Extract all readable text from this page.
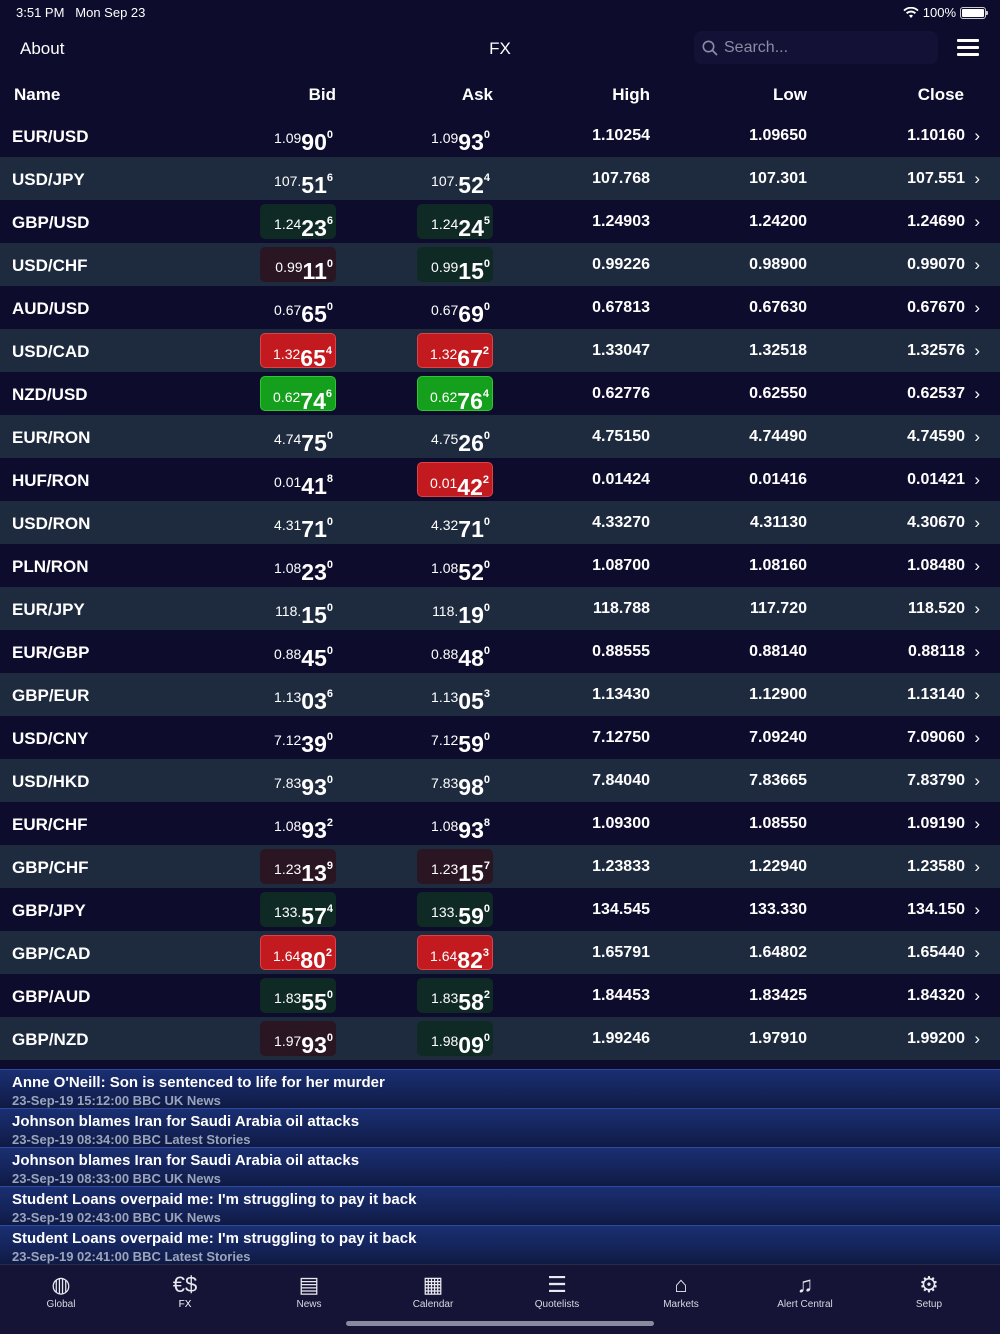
3:51 PM Mon Sep 23	100%
About	FX
Search...
Name	Bid	Ask	High	Low	Close
EUR/USD	1.0990$^0$	1.0993$^0$	1.10254	1.09650	1.10160 ›
USD/JPY	107.51$^6$	107.52$^4$	107.768	107.301	107.551 ›
GBP/USD	1.2423$^6$	1.2424$^5$	1.24903	1.24200	1.24690 ›
USD/CHF	0.9911$^0$	0.9915$^0$	0.99226	0.98900	0.99070 ›
AUD/USD	0.6765$^0$	0.6769$^0$	0.67813	0.67630	0.67670 ›
USD/CAD	1.3265$^4$	1.3267$^2$	1.33047	1.32518	1.32576 ›
NZD/USD	0.6274$^6$	0.6276$^4$	0.62776	0.62550	0.62537 ›
EUR/RON	4.7475$^0$	4.7526$^0$	4.75150	4.74490	4.74590 ›
HUF/RON	0.0141$^8$	0.0142$^2$	0.01424	0.01416	0.01421 ›
USD/RON	4.3171$^0$	4.3271$^0$	4.33270	4.31130	4.30670 ›
PLN/RON	1.0823$^0$	1.0852$^0$	1.08700	1.08160	1.08480 ›
EUR/JPY	118.15$^0$	118.19$^0$	118.788	117.720	118.520 ›
EUR/GBP	0.8845$^0$	0.8848$^0$	0.88555	0.88140	0.88118 ›
GBP/EUR	1.1303$^6$	1.1305$^3$	1.13430	1.12900	1.13140 ›
USD/CNY	7.1239$^0$	7.1259$^0$	7.12750	7.09240	7.09060 ›
USD/HKD	7.8393$^0$	7.8398$^0$	7.84040	7.83665	7.83790 ›
EUR/CHF	1.0893$^2$	1.0893$^8$	1.09300	1.08550	1.09190 ›
GBP/CHF	1.2313$^9$	1.2315$^7$	1.23833	1.22940	1.23580 ›
GBP/JPY	133.57$^4$	133.59$^0$	134.545	133.330	134.150 ›
GBP/CAD	1.6480$^2$	1.6482$^3$	1.65791	1.64802	1.65440 ›
GBP/AUD	1.8355$^0$	1.8358$^2$	1.84453	1.83425	1.84320 ›
GBP/NZD	1.9793$^0$	1.9809$^0$	1.99246	1.97910	1.99200 ›
Anne O'Neill: Son is sentenced to life for her murder
23-Sep-19 15:12:00 BBC UK News
Johnson blames Iran for Saudi Arabia oil attacks
23-Sep-19 08:34:00 BBC Latest Stories
Johnson blames Iran for Saudi Arabia oil attacks
23-Sep-19 08:33:00 BBC UK News
Student Loans overpaid me: I'm struggling to pay it back
23-Sep-19 02:43:00 BBC UK News
Student Loans overpaid me: I'm struggling to pay it back
23-Sep-19 02:41:00 BBC Latest Stories
◍
Global
€$
FX
▤
News
▦
Calendar
☰
Quotelists
⌂
Markets
♫
Alert Central
⚙
Setup
